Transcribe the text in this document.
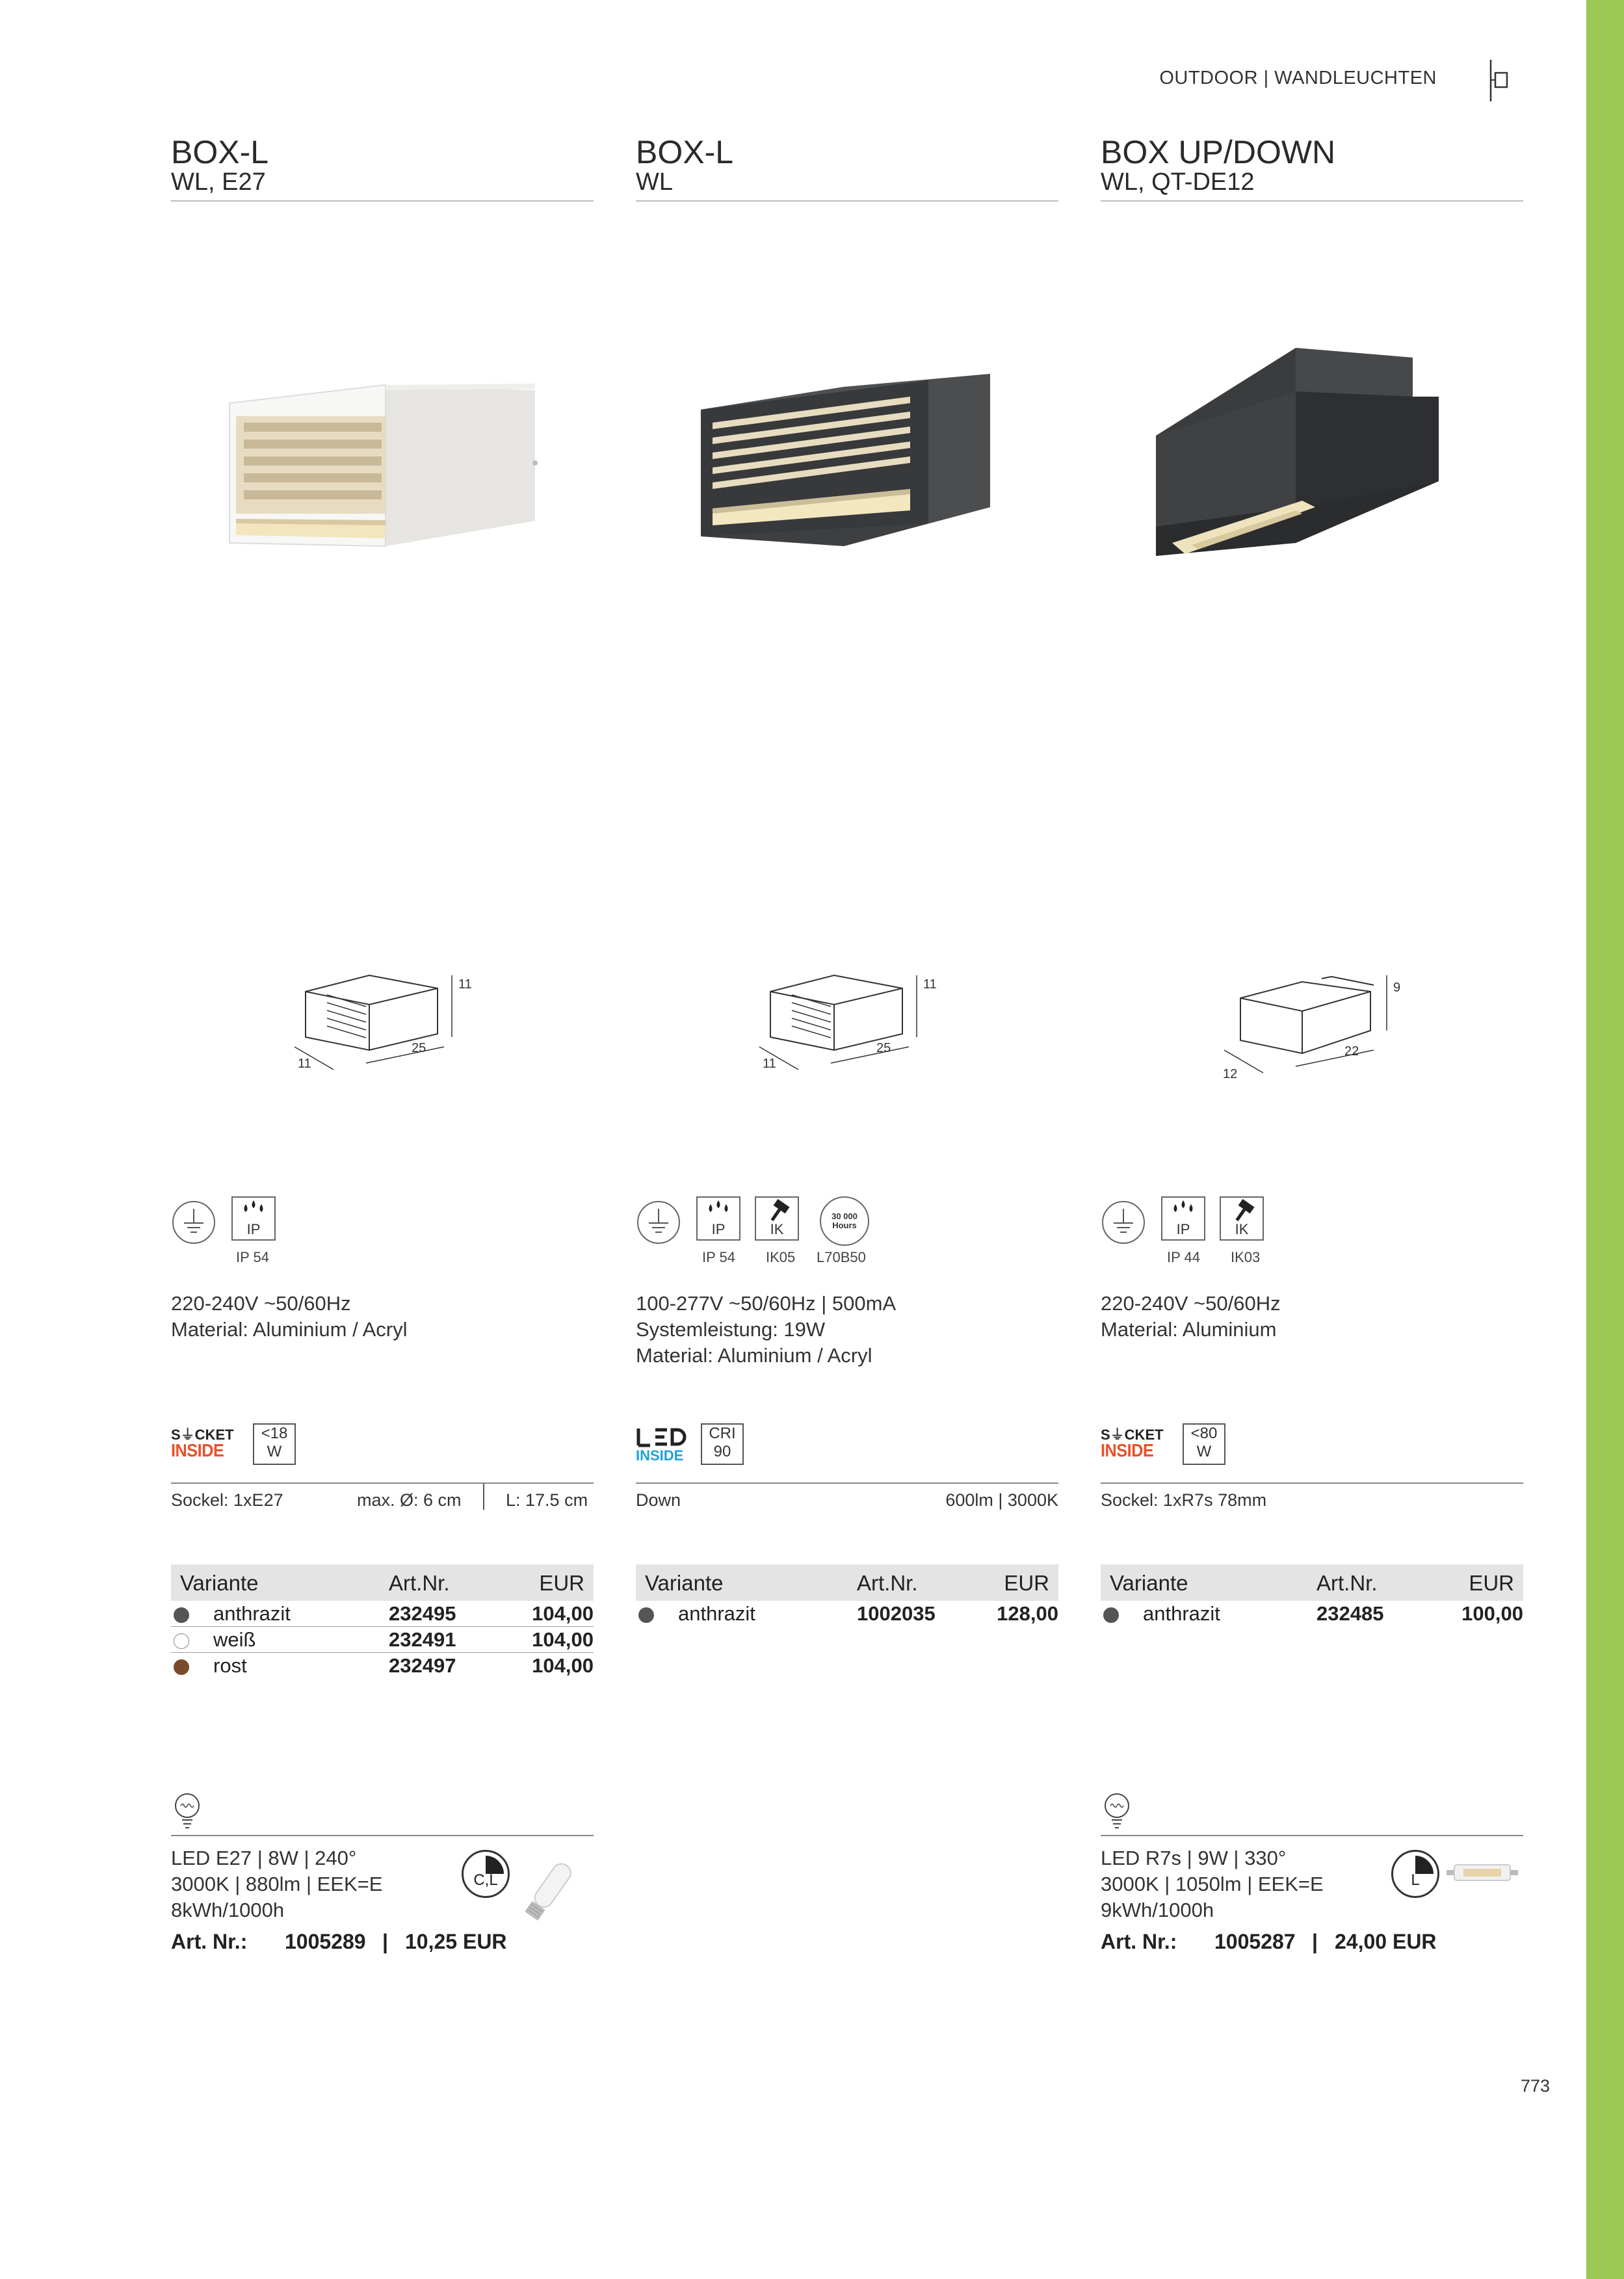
OUTDOOR | WANDLEUCHTEN
BOX-L
WL, E27
11
25
11
IP
IP 54
220-240V ~50/60Hz
Material: Aluminium / Acryl
S⏚CKET
INSIDE
<18
W
Sockel: 1xE27	max. Ø: 6 cm	L: 17.5 cm
Variante	Art.Nr.	EUR
anthrazit	232495	104,00
weiß	232491	104,00
rost	232497	104,00
LED E27 | 8W | 240°
3000K | 880lm | EEK=E
8kWh/1000h
C,L
Art. Nr.: 1005289 | 10,25 EUR
BOX-L
WL
11
25
11
IP
IP 54
IK
IK05
30 000
Hours
L70B50
100-277V ~50/60Hz | 500mA
Systemleistung: 19W
Material: Aluminium / Acryl
INSIDE
CRI
90
Down	600lm | 3000K
Variante	Art.Nr.	EUR
anthrazit	1002035	128,00
BOX UP/DOWN
WL, QT-DE12
9
22
12
IP
IP 44
IK
IK03
220-240V ~50/60Hz
Material: Aluminium
S⏚CKET
INSIDE
<80
W
Sockel: 1xR7s 78mm
Variante	Art.Nr.	EUR
anthrazit	232485	100,00
LED R7s | 9W | 330°
3000K | 1050lm | EEK=E
9kWh/1000h
L
Art. Nr.: 1005287 | 24,00 EUR
773
